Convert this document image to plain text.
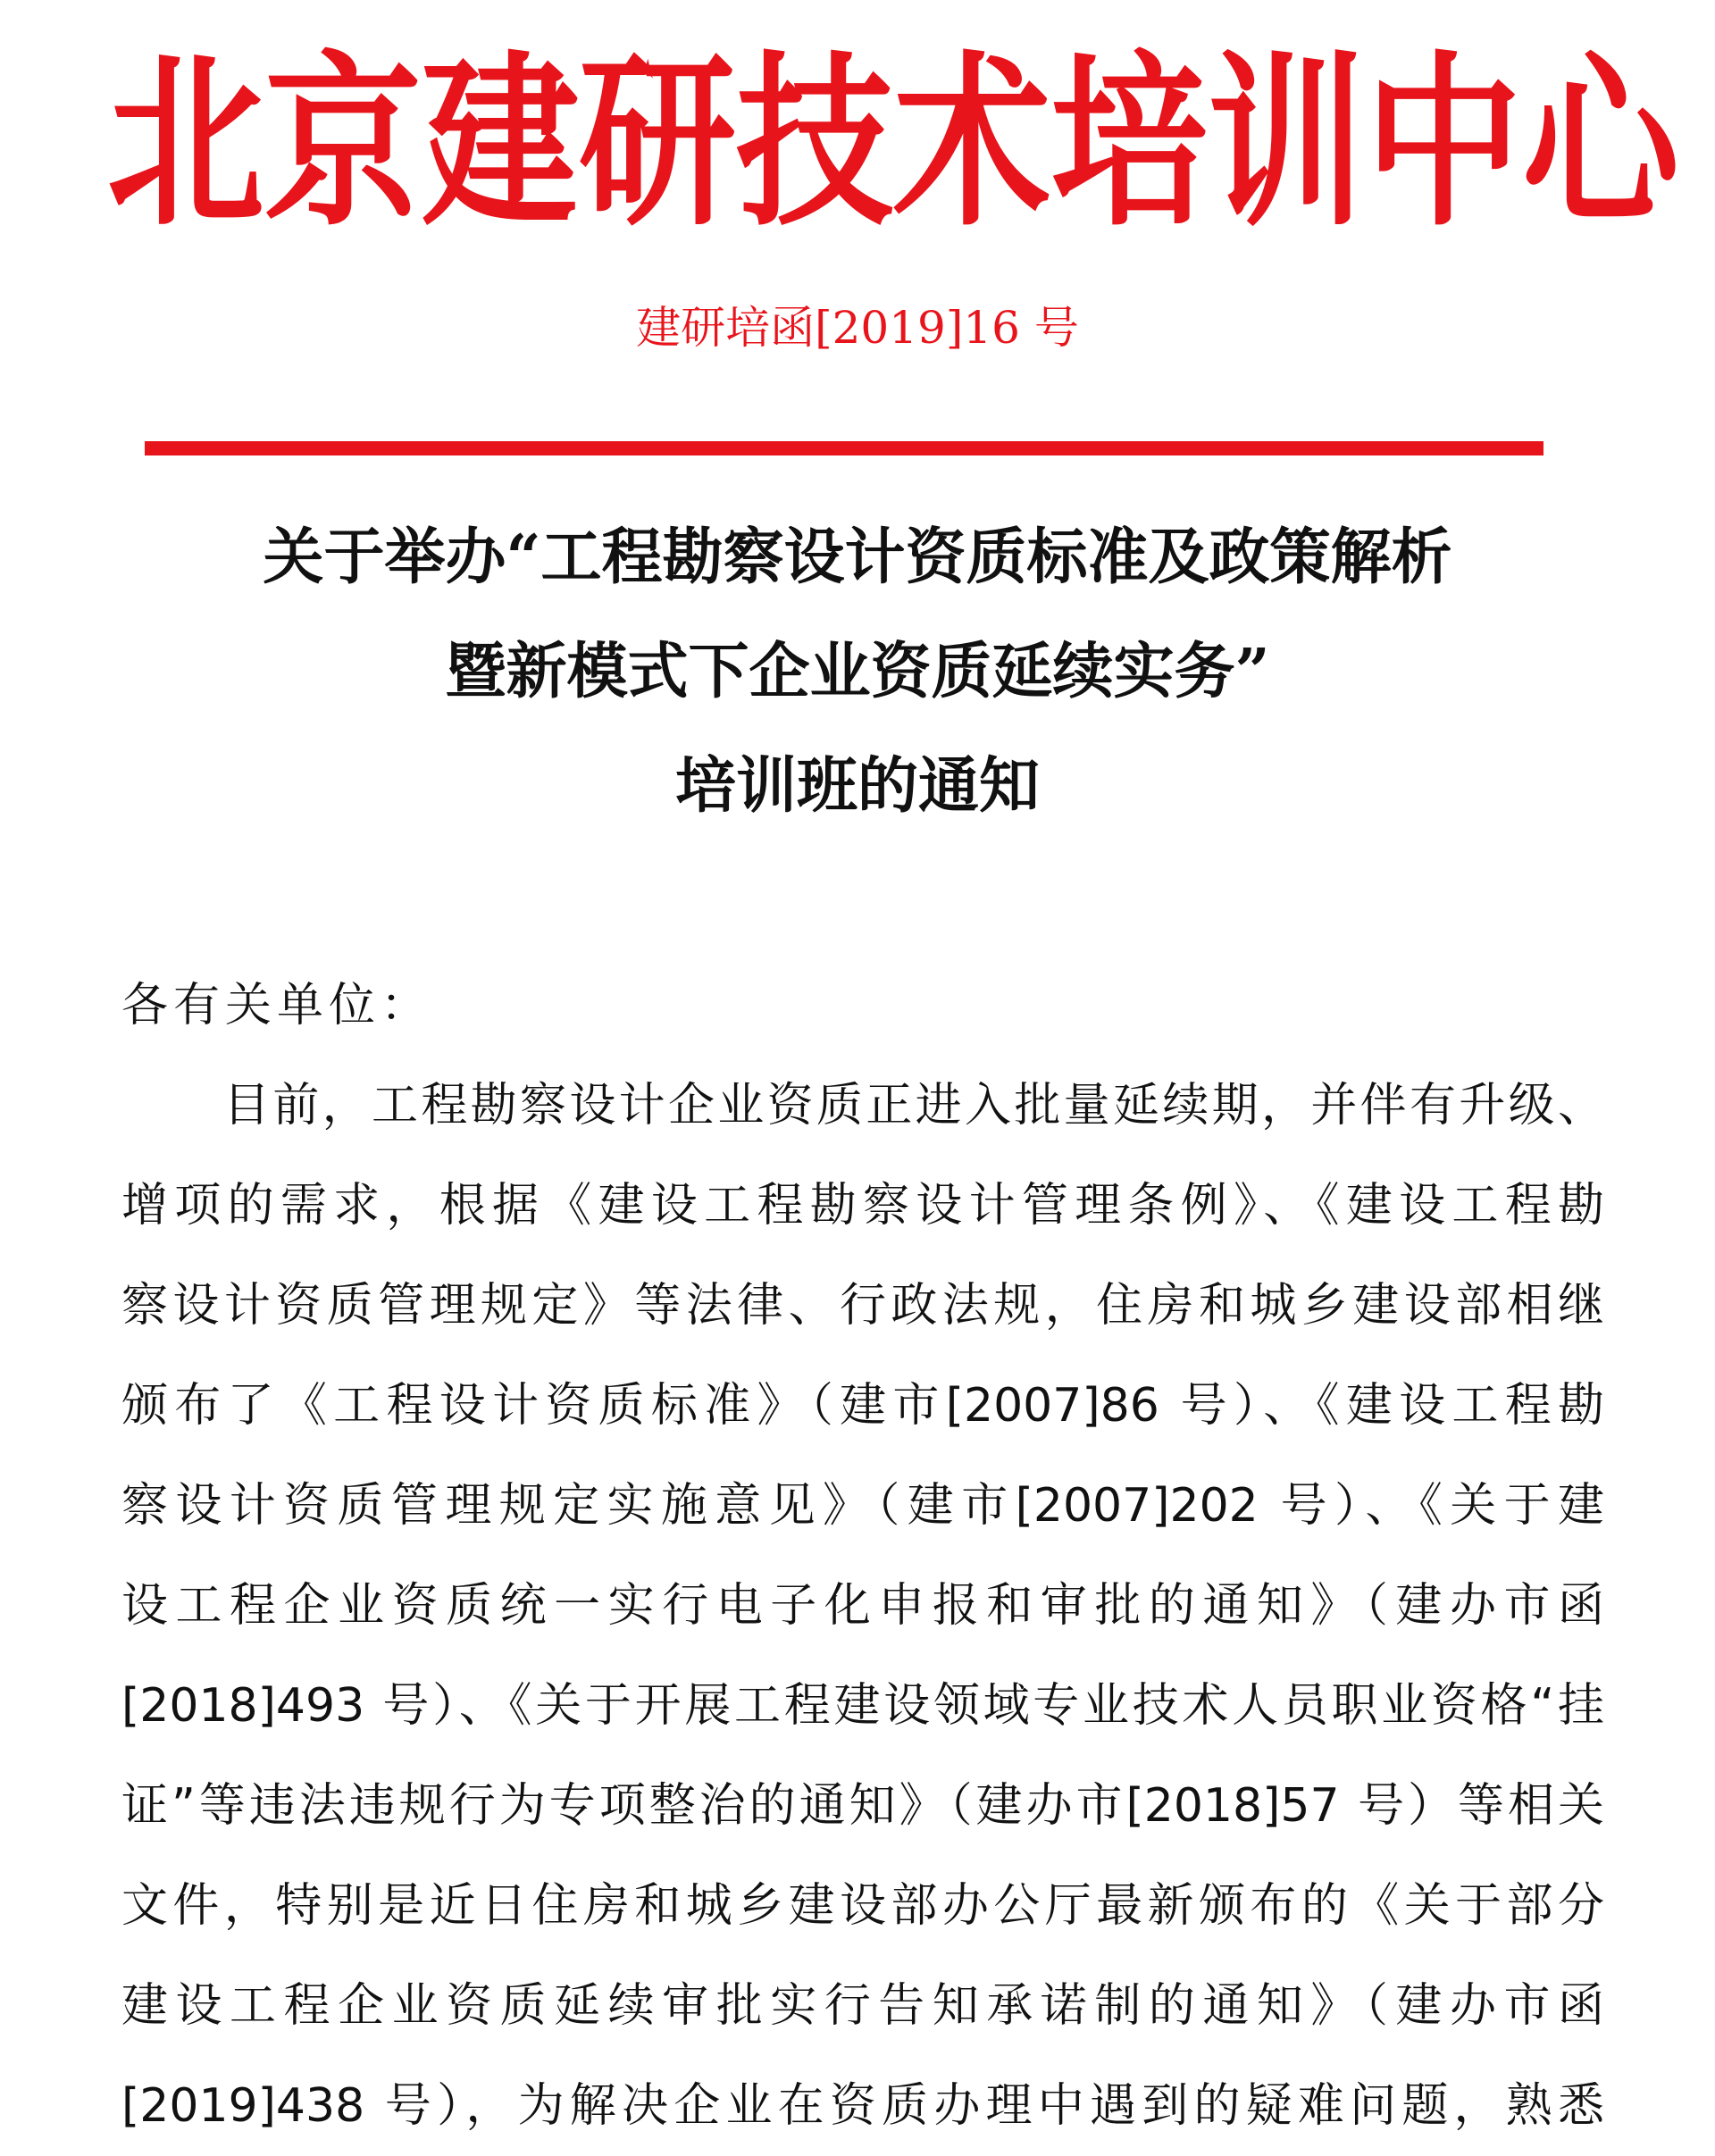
北 京 建 研 技 术 培 训 中 心
建研培函[2019]16 号
关于举办“工程勘察设计资质标准及政策解析
暨新模式下企业资质延续实务”
培训班的通知
各有关单位：
目前，工程勘察设计企业资质正进入批量延续期，并伴有升级、
增项的需求，根据《建设工程勘察设计管理条例》、《建设工程勘
察设计资质管理规定》等法律、行政法规，住房和城乡建设部相继
颁布了《工程设计资质标准》（建市[2007]86 号）、《建设工程勘
察设计资质管理规定实施意见》（建市[2007]202 号）、《关于建
设工程企业资质统一实行电子化申报和审批的通知》（建办市函
[2018]493 号）、《关于开展工程建设领域专业技术人员职业资格“挂
证”等违法违规行为专项整治的通知》（建办市[2018]57 号）等相关
文件，特别是近日住房和城乡建设部办公厅最新颁布的《关于部分
建设工程企业资质延续审批实行告知承诺制的通知》（建办市函
[2019]438 号），为解决企业在资质办理中遇到的疑难问题，熟悉
